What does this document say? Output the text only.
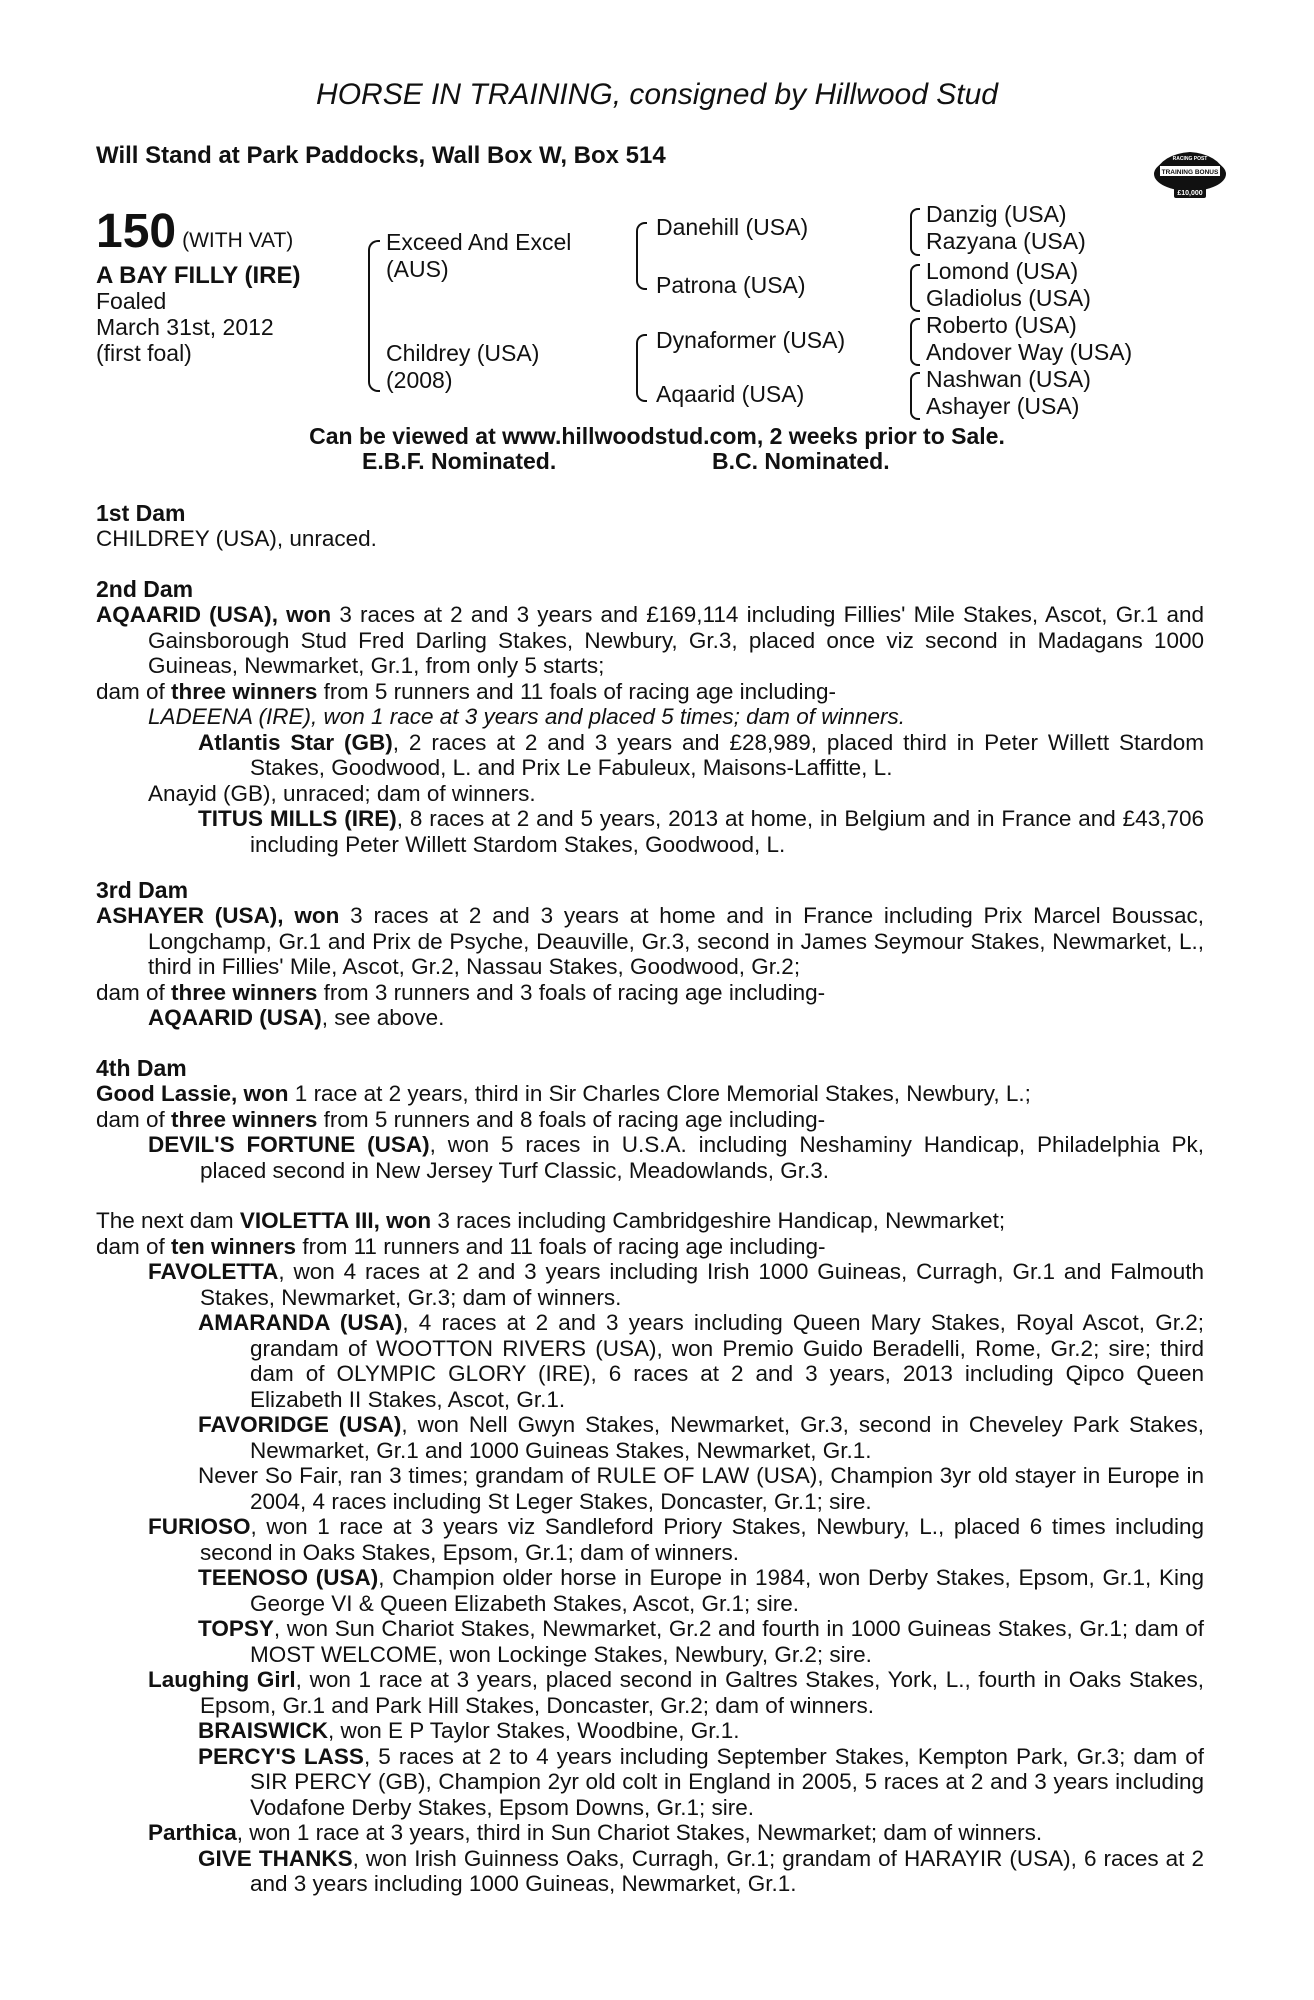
HORSE IN TRAINING, consigned by Hillwood Stud
Will Stand at Park Paddocks, Wall Box W, Box 514	RACING POST
TRAINING BONUS
£10,000
150 (WITH VAT)
A BAY FILLY (IRE)
Foaled
March 31st, 2012
(first foal)
Exceed And Excel
(AUS)
Childrey (USA)
(2008)
Danehill (USA)
Patrona (USA)
Dynaformer (USA)
Aqaarid (USA)
Danzig (USA)
Razyana (USA)
Lomond (USA)
Gladiolus (USA)
Roberto (USA)
Andover Way (USA)
Nashwan (USA)
Ashayer (USA)
Can be viewed at www.hillwoodstud.com, 2 weeks prior to Sale.
E.B.F. Nominated.	B.C. Nominated.
1st Dam

CHILDREY (USA), unraced.

2nd Dam

AQAARID (USA), won 3 races at 2 and 3 years and £169,114 including Fillies' Mile Stakes, Ascot, Gr.1 and Gainsborough Stud Fred Darling Stakes, Newbury, Gr.3, placed once viz second in Madagans 1000 Guineas, Newmarket, Gr.1, from only 5 starts;

dam of three winners from 5 runners and 11 foals of racing age including-

LADEENA (IRE), won 1 race at 3 years and placed 5 times; dam of winners.

Atlantis Star (GB), 2 races at 2 and 3 years and £28,989, placed third in Peter Willett Stardom Stakes, Goodwood, L. and Prix Le Fabuleux, Maisons-Laffitte, L.

Anayid (GB), unraced; dam of winners.

TITUS MILLS (IRE), 8 races at 2 and 5 years, 2013 at home, in Belgium and in France and £43,706 including Peter Willett Stardom Stakes, Goodwood, L.

3rd Dam

ASHAYER (USA), won 3 races at 2 and 3 years at home and in France including Prix Marcel Boussac, Longchamp, Gr.1 and Prix de Psyche, Deauville, Gr.3, second in James Seymour Stakes, Newmarket, L., third in Fillies' Mile, Ascot, Gr.2, Nassau Stakes, Goodwood, Gr.2;

dam of three winners from 3 runners and 3 foals of racing age including-

AQAARID (USA), see above.

4th Dam

Good Lassie, won 1 race at 2 years, third in Sir Charles Clore Memorial Stakes, Newbury, L.;

dam of three winners from 5 runners and 8 foals of racing age including-

DEVIL'S FORTUNE (USA), won 5 races in U.S.A. including Neshaminy Handicap, Philadelphia Pk, placed second in New Jersey Turf Classic, Meadowlands, Gr.3.

The next dam VIOLETTA III, won 3 races including Cambridgeshire Handicap, Newmarket;

dam of ten winners from 11 runners and 11 foals of racing age including-

FAVOLETTA, won 4 races at 2 and 3 years including Irish 1000 Guineas, Curragh, Gr.1 and Falmouth Stakes, Newmarket, Gr.3; dam of winners.

AMARANDA (USA), 4 races at 2 and 3 years including Queen Mary Stakes, Royal Ascot, Gr.2; grandam of WOOTTON RIVERS (USA), won Premio Guido Beradelli, Rome, Gr.2; sire; third dam of OLYMPIC GLORY (IRE), 6 races at 2 and 3 years, 2013 including Qipco Queen Elizabeth II Stakes, Ascot, Gr.1.

FAVORIDGE (USA), won Nell Gwyn Stakes, Newmarket, Gr.3, second in Cheveley Park Stakes, Newmarket, Gr.1 and 1000 Guineas Stakes, Newmarket, Gr.1.

Never So Fair, ran 3 times; grandam of RULE OF LAW (USA), Champion 3yr old stayer in Europe in 2004, 4 races including St Leger Stakes, Doncaster, Gr.1; sire.

FURIOSO, won 1 race at 3 years viz Sandleford Priory Stakes, Newbury, L., placed 6 times including second in Oaks Stakes, Epsom, Gr.1; dam of winners.

TEENOSO (USA), Champion older horse in Europe in 1984, won Derby Stakes, Epsom, Gr.1, King George VI & Queen Elizabeth Stakes, Ascot, Gr.1; sire.

TOPSY, won Sun Chariot Stakes, Newmarket, Gr.2 and fourth in 1000 Guineas Stakes, Gr.1; dam of MOST WELCOME, won Lockinge Stakes, Newbury, Gr.2; sire.

Laughing Girl, won 1 race at 3 years, placed second in Galtres Stakes, York, L., fourth in Oaks Stakes, Epsom, Gr.1 and Park Hill Stakes, Doncaster, Gr.2; dam of winners.

BRAISWICK, won E P Taylor Stakes, Woodbine, Gr.1.

PERCY'S LASS, 5 races at 2 to 4 years including September Stakes, Kempton Park, Gr.3; dam of SIR PERCY (GB), Champion 2yr old colt in England in 2005, 5 races at 2 and 3 years including Vodafone Derby Stakes, Epsom Downs, Gr.1; sire.

Parthica, won 1 race at 3 years, third in Sun Chariot Stakes, Newmarket; dam of winners.

GIVE THANKS, won Irish Guinness Oaks, Curragh, Gr.1; grandam of HARAYIR (USA), 6 races at 2 and 3 years including 1000 Guineas, Newmarket, Gr.1.
